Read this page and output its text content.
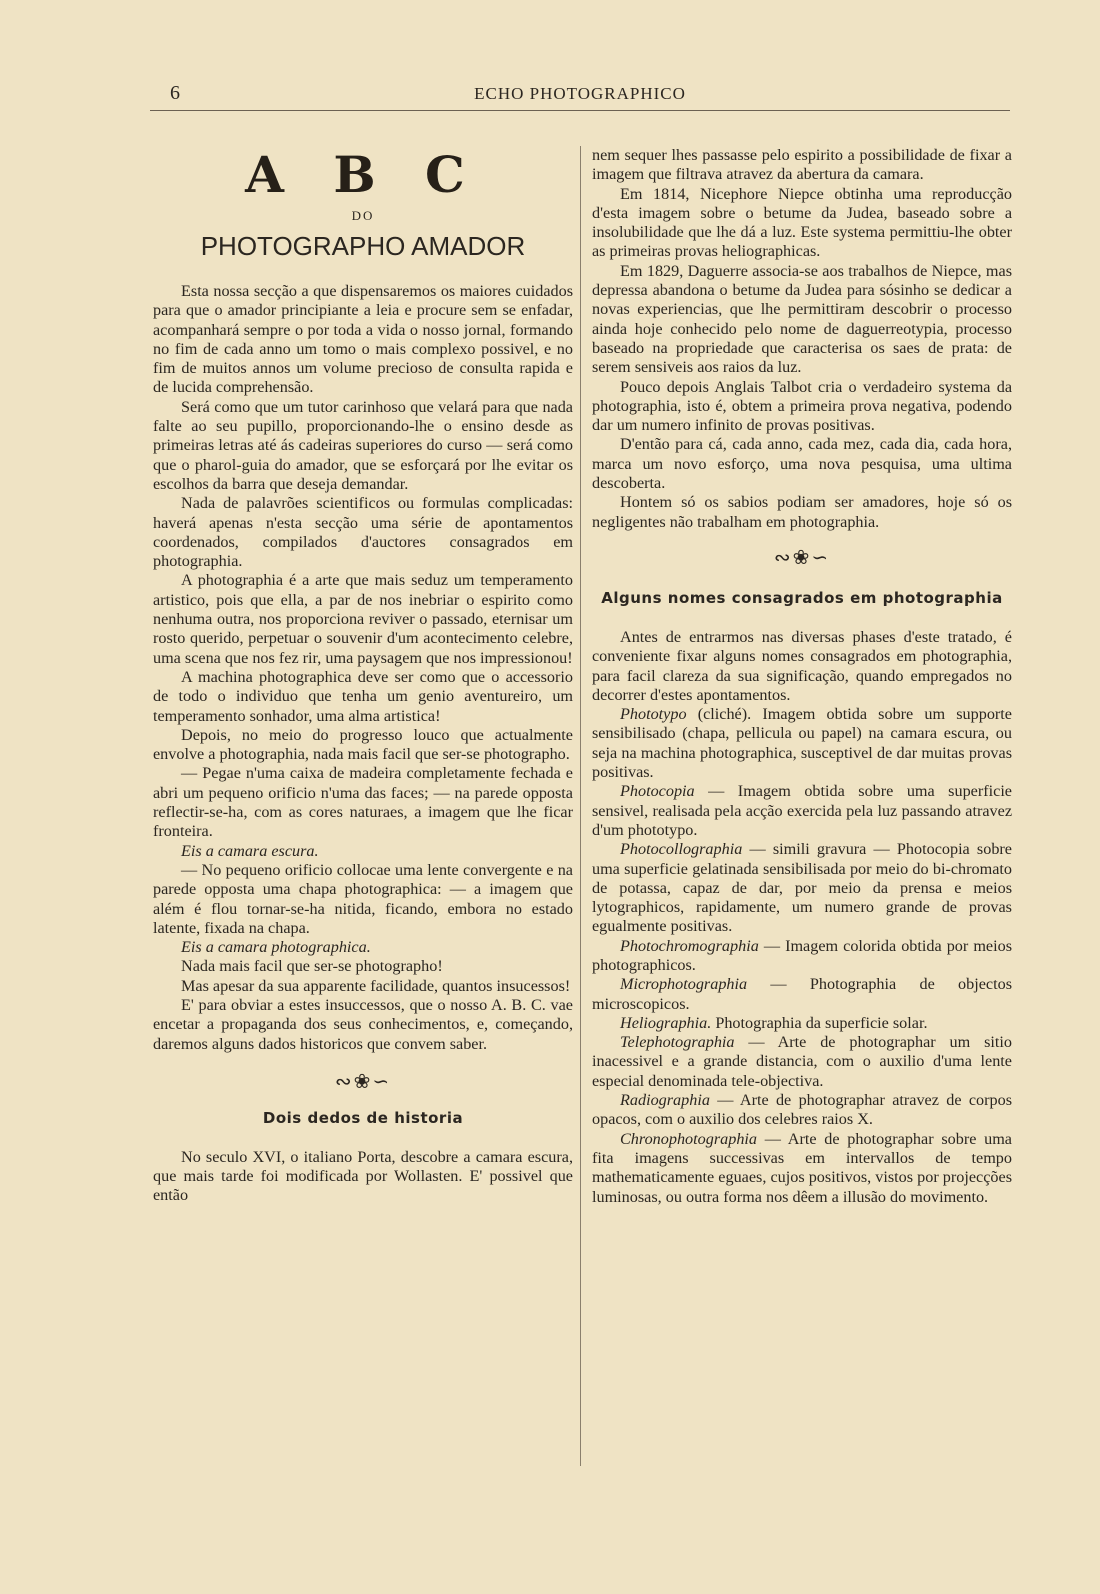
6	ECHO PHOTOGRAPHICO
A B C
DO
PHOTOGRAPHO AMADOR

Esta nossa secção a que dispensaremos os maiores cuidados para que o amador principiante a leia e procure sem se enfadar, acompanhará sempre o por toda a vida o nosso jornal, formando no fim de cada anno um tomo o mais complexo possivel, e no fim de muitos annos um volume precioso de consulta rapida e de lucida comprehensão.

Será como que um tutor carinhoso que velará para que nada falte ao seu pupillo, proporcionando-lhe o ensino desde as primeiras letras até ás cadeiras superiores do curso — será como que o pharol-guia do amador, que se esforçará por lhe evitar os escolhos da barra que deseja demandar.

Nada de palavrões scientificos ou formulas complicadas: haverá apenas n'esta secção uma série de apontamentos coordenados, compilados d'auctores consagrados em photographia.

A photographia é a arte que mais seduz um temperamento artistico, pois que ella, a par de nos inebriar o espirito como nenhuma outra, nos proporciona reviver o passado, eternisar um rosto querido, perpetuar o souvenir d'um acontecimento celebre, uma scena que nos fez rir, uma paysagem que nos impressionou!

A machina photographica deve ser como que o accessorio de todo o individuo que tenha um genio aventureiro, um temperamento sonhador, uma alma artistica!

Depois, no meio do progresso louco que actualmente envolve a photographia, nada mais facil que ser-se photographo.

— Pegae n'uma caixa de madeira completamente fechada e abri um pequeno orificio n'uma das faces; — na parede opposta reflectir-se-ha, com as cores naturaes, a imagem que lhe ficar fronteira.

Eis a camara escura.

— No pequeno orificio collocae uma lente convergente e na parede opposta uma chapa photographica: — a imagem que além é flou tornar-se-ha nitida, ficando, embora no estado latente, fixada na chapa.

Eis a camara photographica.

Nada mais facil que ser-se photographo!

Mas apesar da sua apparente facilidade, quantos insucessos!

E' para obviar a estes insuccessos, que o nosso A. B. C. vae encetar a propaganda dos seus conhecimentos, e, começando, daremos alguns dados historicos que convem saber.

∾❀∽
Dois dedos de historia

No seculo XVI, o italiano Porta, descobre a camara escura, que mais tarde foi modificada por Wollasten. E' possivel que então

nem sequer lhes passasse pelo espirito a possibilidade de fixar a imagem que filtrava atravez da abertura da camara.

Em 1814, Nicephore Niepce obtinha uma reproducção d'esta imagem sobre o betume da Judea, baseado sobre a insolubilidade que lhe dá a luz. Este systema permittiu-lhe obter as primeiras provas heliographicas.

Em 1829, Daguerre associa-se aos trabalhos de Niepce, mas depressa abandona o betume da Judea para sósinho se dedicar a novas experiencias, que lhe permittiram descobrir o processo ainda hoje conhecido pelo nome de daguerreotypia, processo baseado na propriedade que caracterisa os saes de prata: de serem sensiveis aos raios da luz.

Pouco depois Anglais Talbot cria o verdadeiro systema da photographia, isto é, obtem a primeira prova negativa, podendo dar um numero infinito de provas positivas.

D'então para cá, cada anno, cada mez, cada dia, cada hora, marca um novo esforço, uma nova pesquisa, uma ultima descoberta.

Hontem só os sabios podiam ser amadores, hoje só os negligentes não trabalham em photographia.

∾❀∽
Alguns nomes consagrados em photographia

Antes de entrarmos nas diversas phases d'este tratado, é conveniente fixar alguns nomes consagrados em photographia, para facil clareza da sua significação, quando empregados no decorrer d'estes apontamentos.

Phototypo (cliché). Imagem obtida sobre um supporte sensibilisado (chapa, pellicula ou papel) na camara escura, ou seja na machina photographica, susceptivel de dar muitas provas positivas.

Photocopia — Imagem obtida sobre uma superficie sensivel, realisada pela acção exercida pela luz passando atravez d'um phototypo.

Photocollographia — simili gravura — Photocopia sobre uma superficie gelatinada sensibilisada por meio do bi-chromato de potassa, capaz de dar, por meio da prensa e meios lytographicos, rapidamente, um numero grande de provas egualmente positivas.

Photochromographia — Imagem colorida obtida por meios photographicos.

Microphotographia — Photographia de objectos microscopicos.

Heliographia. Photographia da superficie solar.

Telephotographia — Arte de photographar um sitio inacessivel e a grande distancia, com o auxilio d'uma lente especial denominada tele-objectiva.

Radiographia — Arte de photographar atravez de corpos opacos, com o auxilio dos celebres raios X.

Chronophotographia — Arte de photographar sobre uma fita imagens successivas em intervallos de tempo mathematicamente eguaes, cujos positivos, vistos por projecções luminosas, ou outra forma nos dêem a illusão do movimento.
